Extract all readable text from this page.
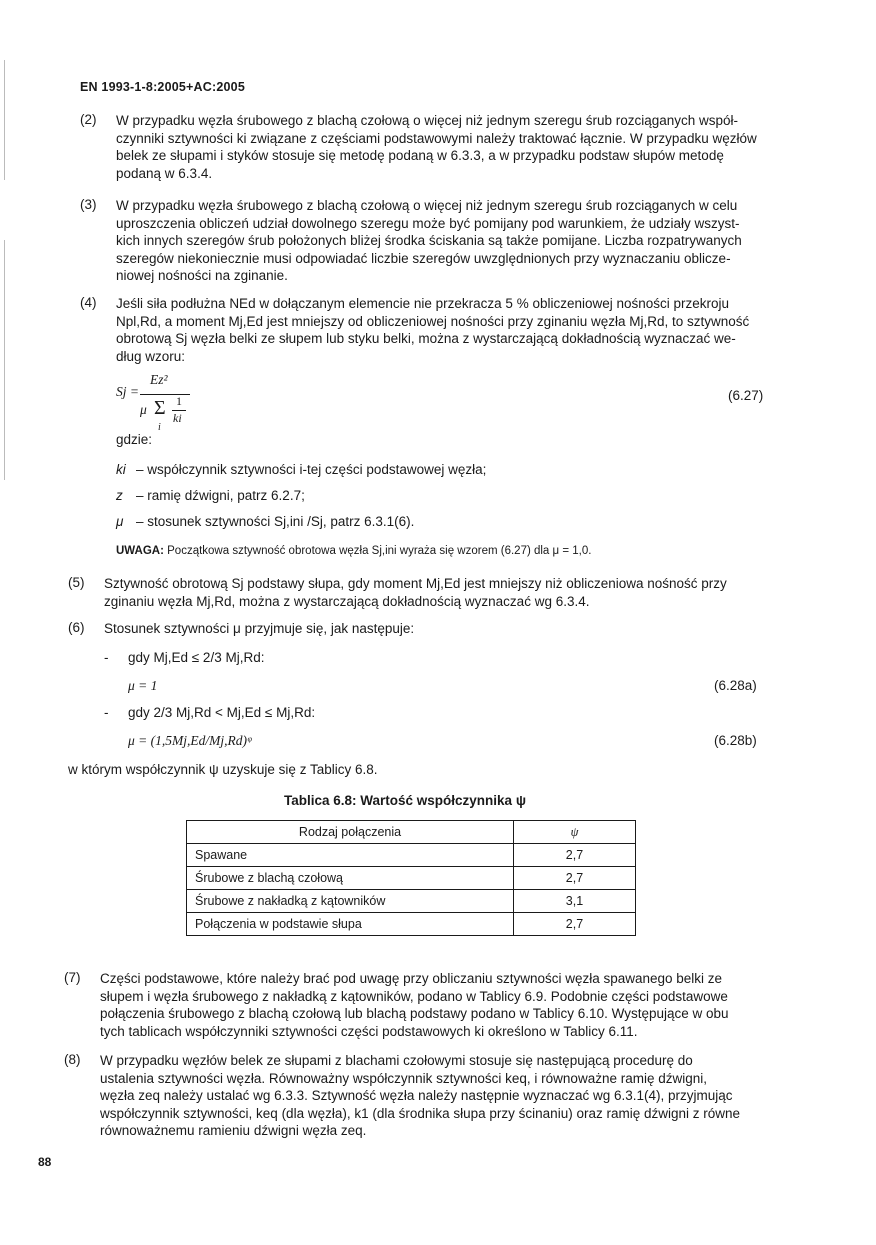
EN 1993-1-8:2005+AC:2005
(2)	W przypadku węzła śrubowego z blachą czołową o więcej niż jednym szeregu śrub rozciąganych współ-
czynniki sztywności ki związane z częściami podstawowymi należy traktować łącznie. W przypadku węzłów
belek ze słupami i styków stosuje się metodę podaną w 6.3.3, a w przypadku podstaw słupów metodę
podaną w 6.3.4.
(3)	W przypadku węzła śrubowego z blachą czołową o więcej niż jednym szeregu śrub rozciąganych w celu
uproszczenia obliczeń udział dowolnego szeregu może być pomijany pod warunkiem, że udziały wszyst-
kich innych szeregów śrub położonych bliżej środka ściskania są także pomijane. Liczba rozpatrywanych
szeregów niekoniecznie musi odpowiadać liczbie szeregów uwzględnionych przy wyznaczaniu oblicze-
niowej nośności na zginanie.
(4)	Jeśli siła podłużna NEd w dołączanym elemencie nie przekracza 5 % obliczeniowej nośności przekroju
Npl,Rd, a moment Mj,Ed jest mniejszy od obliczeniowej nośności przy zginaniu węzła Mj,Rd, to sztywność
obrotową Sj węzła belki ze słupem lub styku belki, można z wystarczającą dokładnością wyznaczać we-
dług wzoru:
Sj =
Ez²
μ Σ
i
1
ki
(6.27)
gdzie:
ki – współczynnik sztywności i-tej części podstawowej węzła;
z – ramię dźwigni, patrz 6.2.7;
μ – stosunek sztywności Sj,ini /Sj, patrz 6.3.1(6).
UWAGA: Początkowa sztywność obrotowa węzła Sj,ini wyraża się wzorem (6.27) dla μ = 1,0.
(5)	Sztywność obrotową Sj podstawy słupa, gdy moment Mj,Ed jest mniejszy niż obliczeniowa nośność przy
zginaniu węzła Mj,Rd, można z wystarczającą dokładnością wyznaczać wg 6.3.4.
(6)	Stosunek sztywności μ przyjmuje się, jak następuje:
- gdy Mj,Ed ≤ 2/3 Mj,Rd:
μ = 1	(6.28a)
- gdy 2/3 Mj,Rd < Mj,Ed ≤ Mj,Rd:
μ = (1,5Mj,Ed/Mj,Rd)ᵠ	(6.28b)
w którym współczynnik ψ uzyskuje się z Tablicy 6.8.
Tablica 6.8: Wartość współczynnika ψ
Rodzaj połączenia	ψ
Spawane	2,7
Śrubowe z blachą czołową	2,7
Śrubowe z nakładką z kątowników	3,1
Połączenia w podstawie słupa	2,7
(7)	Części podstawowe, które należy brać pod uwagę przy obliczaniu sztywności węzła spawanego belki ze
słupem i węzła śrubowego z nakładką z kątowników, podano w Tablicy 6.9. Podobnie części podstawowe
połączenia śrubowego z blachą czołową lub blachą podstawy podano w Tablicy 6.10. Występujące w obu
tych tablicach współczynniki sztywności części podstawowych ki określono w Tablicy 6.11.
(8)	W przypadku węzłów belek ze słupami z blachami czołowymi stosuje się następującą procedurę do
ustalenia sztywności węzła. Równoważny współczynnik sztywności keq, i równoważne ramię dźwigni,
węzła zeq należy ustalać wg 6.3.3. Sztywność węzła należy następnie wyznaczać wg 6.3.1(4), przyjmując
współczynnik sztywności, keq (dla węzła), k1 (dla środnika słupa przy ścinaniu) oraz ramię dźwigni z równe
równoważnemu ramieniu dźwigni węzła zeq.
88
